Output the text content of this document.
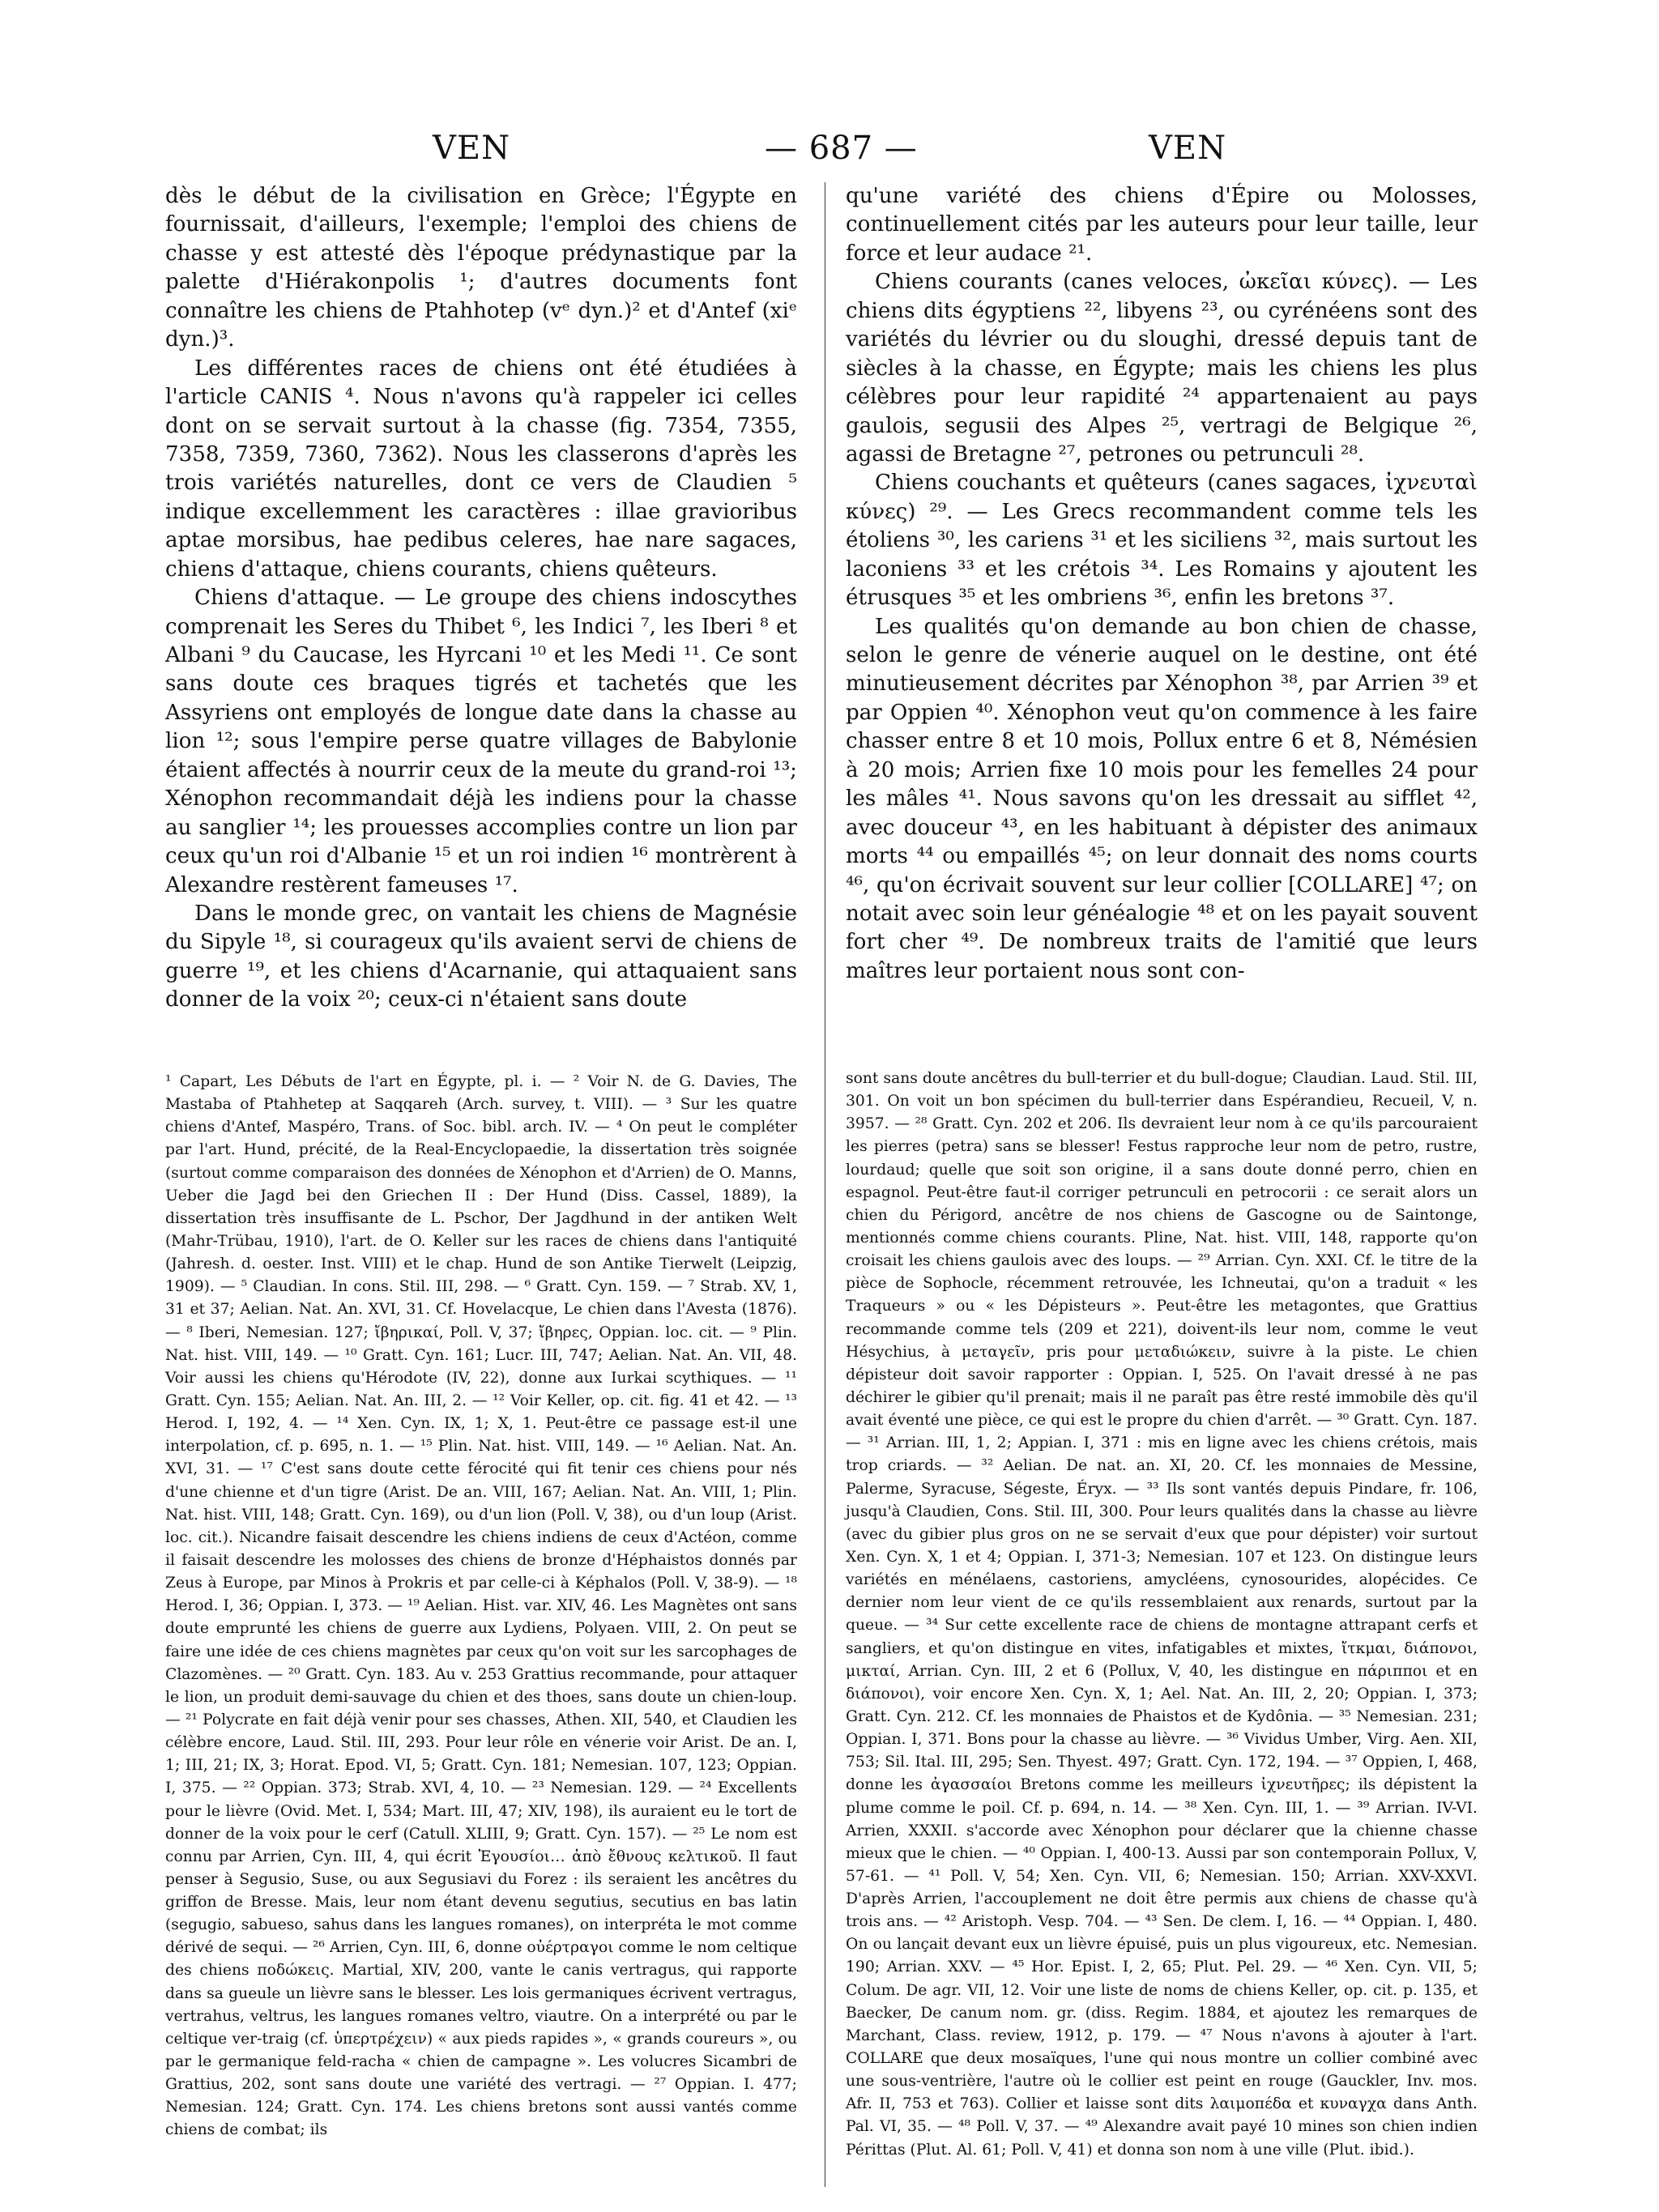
VEN	— 687 —	VEN

dès le début de la civilisation en Grèce; l'Égypte en fournissait, d'ailleurs, l'exemple; l'emploi des chiens de chasse y est attesté dès l'époque prédynastique par la palette d'Hiérakonpolis ¹; d'autres documents font connaître les chiens de Ptahhotep (vᵉ dyn.)² et d'Antef (xiᵉ dyn.)³.

Les différentes races de chiens ont été étudiées à l'article CANIS ⁴. Nous n'avons qu'à rappeler ici celles dont on se servait surtout à la chasse (fig. 7354, 7355, 7358, 7359, 7360, 7362). Nous les classerons d'après les trois variétés naturelles, dont ce vers de Claudien ⁵ indique excellemment les caractères : illae gravioribus aptae morsibus, hae pedibus celeres, hae nare sagaces, chiens d'attaque, chiens courants, chiens quêteurs.

Chiens d'attaque. — Le groupe des chiens indoscythes comprenait les Seres du Thibet ⁶, les Indici ⁷, les Iberi ⁸ et Albani ⁹ du Caucase, les Hyrcani ¹⁰ et les Medi ¹¹. Ce sont sans doute ces braques tigrés et tachetés que les Assyriens ont employés de longue date dans la chasse au lion ¹²; sous l'empire perse quatre villages de Babylonie étaient affectés à nourrir ceux de la meute du grand-roi ¹³; Xénophon recommandait déjà les indiens pour la chasse au sanglier ¹⁴; les prouesses accomplies contre un lion par ceux qu'un roi d'Albanie ¹⁵ et un roi indien ¹⁶ montrèrent à Alexandre restèrent fameuses ¹⁷.

Dans le monde grec, on vantait les chiens de Magnésie du Sipyle ¹⁸, si courageux qu'ils avaient servi de chiens de guerre ¹⁹, et les chiens d'Acarnanie, qui attaquaient sans donner de la voix ²⁰; ceux-ci n'étaient sans doute

qu'une variété des chiens d'Épire ou Molosses, continuellement cités par les auteurs pour leur taille, leur force et leur audace ²¹.

Chiens courants (canes veloces, ὠκεῖαι κύνες). — Les chiens dits égyptiens ²², libyens ²³, ou cyrénéens sont des variétés du lévrier ou du sloughi, dressé depuis tant de siècles à la chasse, en Égypte; mais les chiens les plus célèbres pour leur rapidité ²⁴ appartenaient au pays gaulois, segusii des Alpes ²⁵, vertragi de Belgique ²⁶, agassi de Bretagne ²⁷, petrones ou petrunculi ²⁸.

Chiens couchants et quêteurs (canes sagaces, ἰχνευταὶ κύνες) ²⁹. — Les Grecs recommandent comme tels les étoliens ³⁰, les cariens ³¹ et les siciliens ³², mais surtout les laconiens ³³ et les crétois ³⁴. Les Romains y ajoutent les étrusques ³⁵ et les ombriens ³⁶, enfin les bretons ³⁷.

Les qualités qu'on demande au bon chien de chasse, selon le genre de vénerie auquel on le destine, ont été minutieusement décrites par Xénophon ³⁸, par Arrien ³⁹ et par Oppien ⁴⁰. Xénophon veut qu'on commence à les faire chasser entre 8 et 10 mois, Pollux entre 6 et 8, Némésien à 20 mois; Arrien fixe 10 mois pour les femelles 24 pour les mâles ⁴¹. Nous savons qu'on les dressait au sifflet ⁴², avec douceur ⁴³, en les habituant à dépister des animaux morts ⁴⁴ ou empaillés ⁴⁵; on leur donnait des noms courts ⁴⁶, qu'on écrivait souvent sur leur collier [COLLARE] ⁴⁷; on notait avec soin leur généalogie ⁴⁸ et on les payait souvent fort cher ⁴⁹. De nombreux traits de l'amitié que leurs maîtres leur portaient nous sont con-

¹ Capart, Les Débuts de l'art en Égypte, pl. i. — ² Voir N. de G. Davies, The Mastaba of Ptahhetep at Saqqareh (Arch. survey, t. VIII). — ³ Sur les quatre chiens d'Antef, Maspéro, Trans. of Soc. bibl. arch. IV. — ⁴ On peut le compléter par l'art. Hund, précité, de la Real-Encyclopaedie, la dissertation très soignée (surtout comme comparaison des données de Xénophon et d'Arrien) de O. Manns, Ueber die Jagd bei den Griechen II : Der Hund (Diss. Cassel, 1889), la dissertation très insuffisante de L. Pschor, Der Jagdhund in der antiken Welt (Mahr-Trübau, 1910), l'art. de O. Keller sur les races de chiens dans l'antiquité (Jahresh. d. oester. Inst. VIII) et le chap. Hund de son Antike Tierwelt (Leipzig, 1909). — ⁵ Claudian. In cons. Stil. III, 298. — ⁶ Gratt. Cyn. 159. — ⁷ Strab. XV, 1, 31 et 37; Aelian. Nat. An. XVI, 31. Cf. Hovelacque, Le chien dans l'Avesta (1876). — ⁸ Iberi, Nemesian. 127; ἴβηρικαί, Poll. V, 37; ἴβηρες, Oppian. loc. cit. — ⁹ Plin. Nat. hist. VIII, 149. — ¹⁰ Gratt. Cyn. 161; Lucr. III, 747; Aelian. Nat. An. VII, 48. Voir aussi les chiens qu'Hérodote (IV, 22), donne aux Iurkai scythiques. — ¹¹ Gratt. Cyn. 155; Aelian. Nat. An. III, 2. — ¹² Voir Keller, op. cit. fig. 41 et 42. — ¹³ Herod. I, 192, 4. — ¹⁴ Xen. Cyn. IX, 1; X, 1. Peut-être ce passage est-il une interpolation, cf. p. 695, n. 1. — ¹⁵ Plin. Nat. hist. VIII, 149. — ¹⁶ Aelian. Nat. An. XVI, 31. — ¹⁷ C'est sans doute cette férocité qui fit tenir ces chiens pour nés d'une chienne et d'un tigre (Arist. De an. VIII, 167; Aelian. Nat. An. VIII, 1; Plin. Nat. hist. VIII, 148; Gratt. Cyn. 169), ou d'un lion (Poll. V, 38), ou d'un loup (Arist. loc. cit.). Nicandre faisait descendre les chiens indiens de ceux d'Actéon, comme il faisait descendre les molosses des chiens de bronze d'Héphaistos donnés par Zeus à Europe, par Minos à Prokris et par celle-ci à Képhalos (Poll. V, 38-9). — ¹⁸ Herod. I, 36; Oppian. I, 373. — ¹⁹ Aelian. Hist. var. XIV, 46. Les Magnètes ont sans doute emprunté les chiens de guerre aux Lydiens, Polyaen. VIII, 2. On peut se faire une idée de ces chiens magnètes par ceux qu'on voit sur les sarcophages de Clazomènes. — ²⁰ Gratt. Cyn. 183. Au v. 253 Grattius recommande, pour attaquer le lion, un produit demi-sauvage du chien et des thoes, sans doute un chien-loup. — ²¹ Polycrate en fait déjà venir pour ses chasses, Athen. XII, 540, et Claudien les célèbre encore, Laud. Stil. III, 293. Pour leur rôle en vénerie voir Arist. De an. I, 1; III, 21; IX, 3; Horat. Epod. VI, 5; Gratt. Cyn. 181; Nemesian. 107, 123; Oppian. I, 375. — ²² Oppian. 373; Strab. XVI, 4, 10. — ²³ Nemesian. 129. — ²⁴ Excellents pour le lièvre (Ovid. Met. I, 534; Mart. III, 47; XIV, 198), ils auraient eu le tort de donner de la voix pour le cerf (Catull. XLIII, 9; Gratt. Cyn. 157). — ²⁵ Le nom est connu par Arrien, Cyn. III, 4, qui écrit Ἐγουσίοι… ἀπὸ ἔθνους κελτικοῦ. Il faut penser à Segusio, Suse, ou aux Segusiavi du Forez : ils seraient les ancêtres du griffon de Bresse. Mais, leur nom étant devenu segutius, secutius en bas latin (segugio, sabueso, sahus dans les langues romanes), on interpréta le mot comme dérivé de sequi. — ²⁶ Arrien, Cyn. III, 6, donne οὐέρτραγοι comme le nom celtique des chiens ποδώκεις. Martial, XIV, 200, vante le canis vertragus, qui rapporte dans sa gueule un lièvre sans le blesser. Les lois germaniques écrivent vertragus, vertrahus, veltrus, les langues romanes veltro, viautre. On a interprété ou par le celtique ver-traig (cf. ὑπερτρέχειν) « aux pieds rapides », « grands coureurs », ou par le germanique feld-racha « chien de campagne ». Les volucres Sicambri de Grattius, 202, sont sans doute une variété des vertragi. — ²⁷ Oppian. I. 477; Nemesian. 124; Gratt. Cyn. 174. Les chiens bretons sont aussi vantés comme chiens de combat; ils

sont sans doute ancêtres du bull-terrier et du bull-dogue; Claudian. Laud. Stil. III, 301. On voit un bon spécimen du bull-terrier dans Espérandieu, Recueil, V, n. 3957. — ²⁸ Gratt. Cyn. 202 et 206. Ils devraient leur nom à ce qu'ils parcouraient les pierres (petra) sans se blesser! Festus rapproche leur nom de petro, rustre, lourdaud; quelle que soit son origine, il a sans doute donné perro, chien en espagnol. Peut-être faut-il corriger petrunculi en petrocorii : ce serait alors un chien du Périgord, ancêtre de nos chiens de Gascogne ou de Saintonge, mentionnés comme chiens courants. Pline, Nat. hist. VIII, 148, rapporte qu'on croisait les chiens gaulois avec des loups. — ²⁹ Arrian. Cyn. XXI. Cf. le titre de la pièce de Sophocle, récemment retrouvée, les Ichneutai, qu'on a traduit « les Traqueurs » ou « les Dépisteurs ». Peut-être les metagontes, que Grattius recommande comme tels (209 et 221), doivent-ils leur nom, comme le veut Hésychius, à μεταγεῖν, pris pour μεταδιώκειν, suivre à la piste. Le chien dépisteur doit savoir rapporter : Oppian. I, 525. On l'avait dressé à ne pas déchirer le gibier qu'il prenait; mais il ne paraît pas être resté immobile dès qu'il avait éventé une pièce, ce qui est le propre du chien d'arrêt. — ³⁰ Gratt. Cyn. 187. — ³¹ Arrian. III, 1, 2; Appian. I, 371 : mis en ligne avec les chiens crétois, mais trop criards. — ³² Aelian. De nat. an. XI, 20. Cf. les monnaies de Messine, Palerme, Syracuse, Ségeste, Éryx. — ³³ Ils sont vantés depuis Pindare, fr. 106, jusqu'à Claudien, Cons. Stil. III, 300. Pour leurs qualités dans la chasse au lièvre (avec du gibier plus gros on ne se servait d'eux que pour dépister) voir surtout Xen. Cyn. X, 1 et 4; Oppian. I, 371-3; Nemesian. 107 et 123. On distingue leurs variétés en ménélaens, castoriens, amycléens, cynosourides, alopécides. Ce dernier nom leur vient de ce qu'ils ressemblaient aux renards, surtout par la queue. — ³⁴ Sur cette excellente race de chiens de montagne attrapant cerfs et sangliers, et qu'on distingue en vites, infatigables et mixtes, ἴτκμαι, διάπονοι, μικταί, Arrian. Cyn. III, 2 et 6 (Pollux, V, 40, les distingue en πάριπποι et en διάπονοι), voir encore Xen. Cyn. X, 1; Ael. Nat. An. III, 2, 20; Oppian. I, 373; Gratt. Cyn. 212. Cf. les monnaies de Phaistos et de Kydônia. — ³⁵ Nemesian. 231; Oppian. I, 371. Bons pour la chasse au lièvre. — ³⁶ Vividus Umber, Virg. Aen. XII, 753; Sil. Ital. III, 295; Sen. Thyest. 497; Gratt. Cyn. 172, 194. — ³⁷ Oppien, I, 468, donne les ἀγασσαίοι Bretons comme les meilleurs ἰχνευτῆρες; ils dépistent la plume comme le poil. Cf. p. 694, n. 14. — ³⁸ Xen. Cyn. III, 1. — ³⁹ Arrian. IV-VI. Arrien, XXXII. s'accorde avec Xénophon pour déclarer que la chienne chasse mieux que le chien. — ⁴⁰ Oppian. I, 400-13. Aussi par son contemporain Pollux, V, 57-61. — ⁴¹ Poll. V, 54; Xen. Cyn. VII, 6; Nemesian. 150; Arrian. XXV-XXVI. D'après Arrien, l'accouplement ne doit être permis aux chiens de chasse qu'à trois ans. — ⁴² Aristoph. Vesp. 704. — ⁴³ Sen. De clem. I, 16. — ⁴⁴ Oppian. I, 480. On ou lançait devant eux un lièvre épuisé, puis un plus vigoureux, etc. Nemesian. 190; Arrian. XXV. — ⁴⁵ Hor. Epist. I, 2, 65; Plut. Pel. 29. — ⁴⁶ Xen. Cyn. VII, 5; Colum. De agr. VII, 12. Voir une liste de noms de chiens Keller, op. cit. p. 135, et Baecker, De canum nom. gr. (diss. Regim. 1884, et ajoutez les remarques de Marchant, Class. review, 1912, p. 179. — ⁴⁷ Nous n'avons à ajouter à l'art. COLLARE que deux mosaïques, l'une qui nous montre un collier combiné avec une sous-ventrière, l'autre où le collier est peint en rouge (Gauckler, Inv. mos. Afr. II, 753 et 763). Collier et laisse sont dits λαιμοπέδα et κυναγχα dans Anth. Pal. VI, 35. — ⁴⁸ Poll. V, 37. — ⁴⁹ Alexandre avait payé 10 mines son chien indien Périttas (Plut. Al. 61; Poll. V, 41) et donna son nom à une ville (Plut. ibid.).
